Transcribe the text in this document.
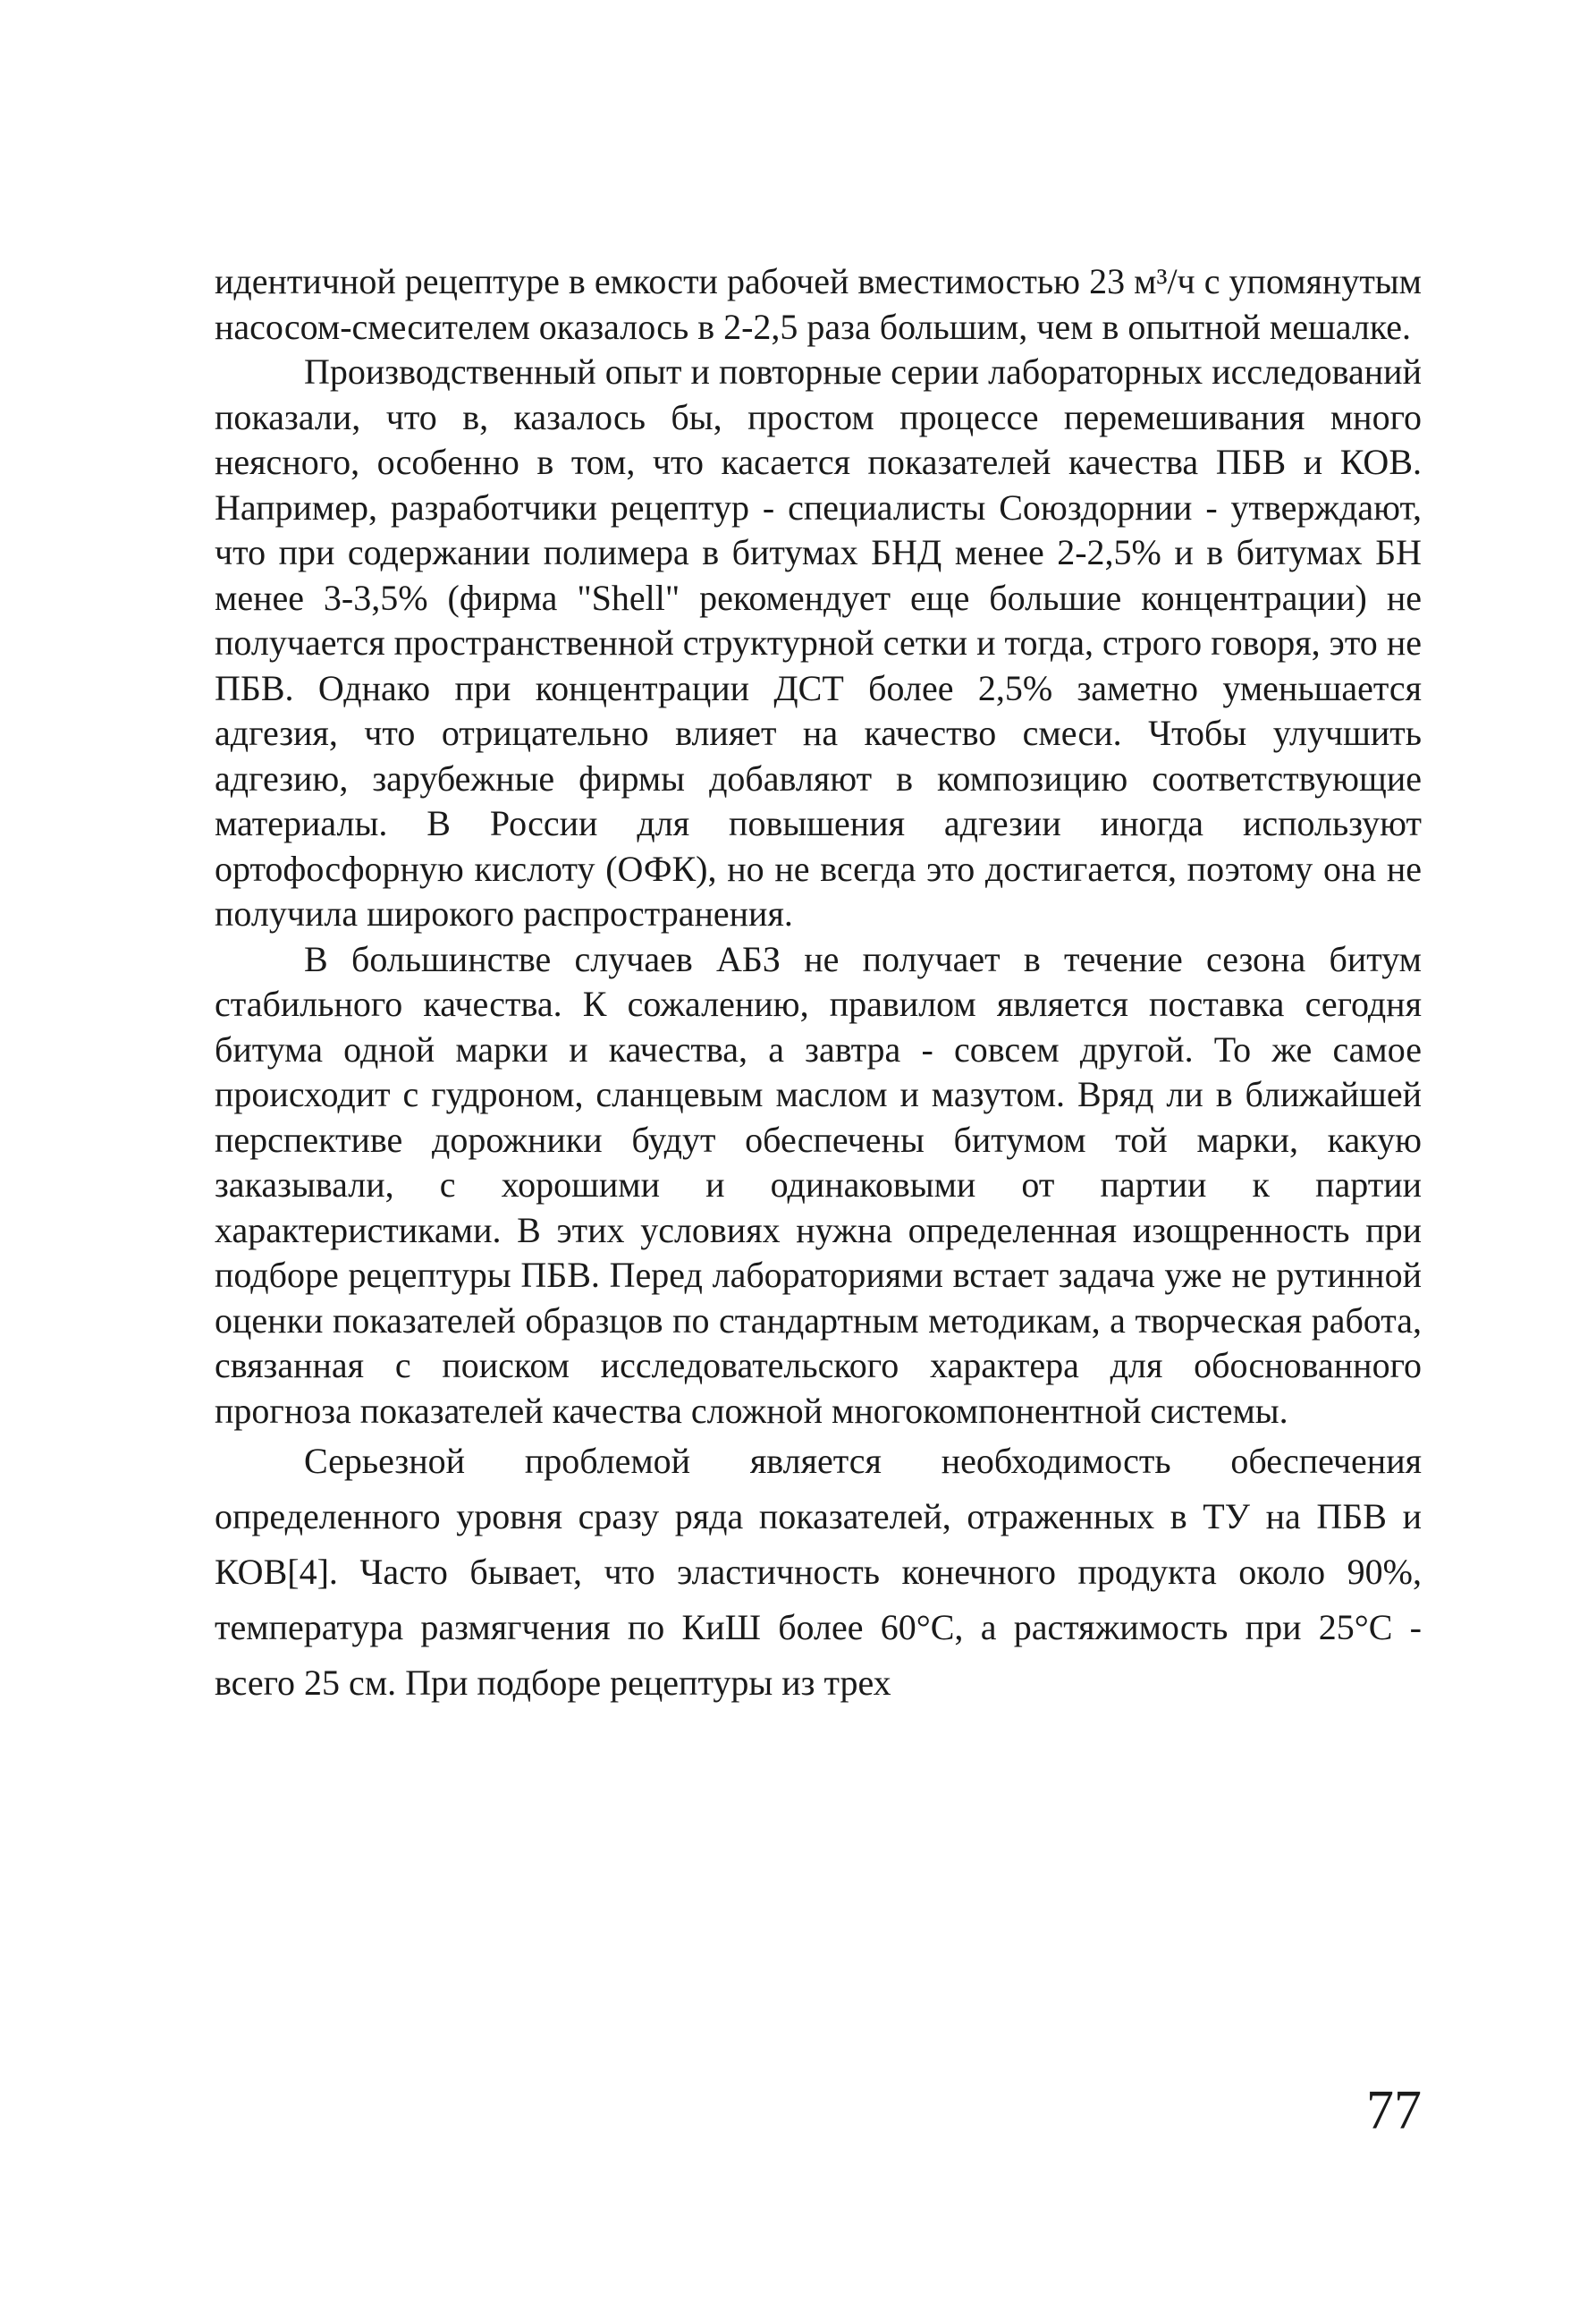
идентичной рецептуре в емкости рабочей вместимостью 23 м³/ч с упомянутым насосом-смесителем оказалось в 2-2,5 раза большим, чем в опытной мешалке.

Производственный опыт и повторные серии лабораторных исследований показали, что в, казалось бы, простом процессе перемешивания много неясного, особенно в том, что касается показателей качества ПБВ и КОВ. Например, разработчики рецептур - специалисты Союздорнии - утверждают, что при содержании полимера в битумах БНД менее 2-2,5% и в битумах БН менее 3-3,5% (фирма "Shell" рекомендует еще большие концентрации) не получается пространственной структурной сетки и тогда, строго говоря, это не ПБВ. Однако при концентрации ДСТ более 2,5% заметно уменьшается адгезия, что отрицательно влияет на качество смеси. Чтобы улучшить адгезию, зарубежные фирмы добавляют в композицию соответствующие материалы. В России для повышения адгезии иногда используют ортофосфорную кислоту (ОФК), но не всегда это достигается, поэтому она не получила широкого распространения.

В большинстве случаев АБЗ не получает в течение сезона битум стабильного качества. К сожалению, правилом является поставка сегодня битума одной марки и качества, а завтра - совсем другой. То же самое происходит с гудроном, сланцевым маслом и мазутом. Вряд ли в ближайшей перспективе дорожники будут обеспечены битумом той марки, какую заказывали, с хорошими и одинаковыми от партии к партии характеристиками. В этих условиях нужна определенная изощренность при подборе рецептуры ПБВ. Перед лабораториями встает задача уже не рутинной оценки показателей образцов по стандартным методикам, а творческая работа, связанная с поиском исследовательского характера для обоснованного прогноза показателей качества сложной многокомпонентной системы.

Серьезной проблемой является необходимость обеспечения определенного уровня сразу ряда показателей, отраженных в ТУ на ПБВ и КОВ[4]. Часто бывает, что эластичность конечного продукта около 90%, температура размягчения по КиШ более 60°С, а растяжимость при 25°С - всего 25 см. При подборе рецептуры из трех

77
